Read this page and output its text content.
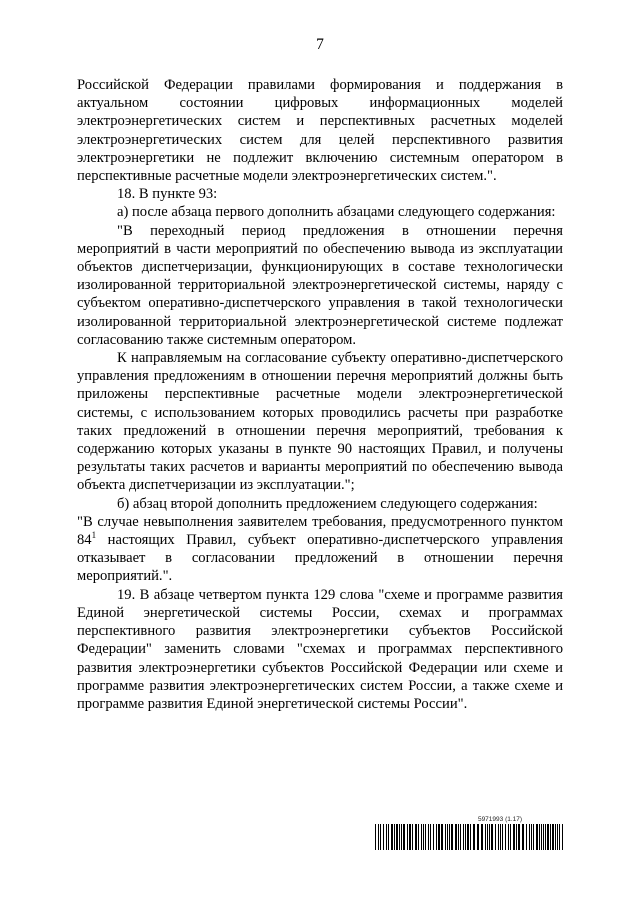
7

Российской Федерации правилами формирования и поддержания в актуальном состоянии цифровых информационных моделей электроэнергетических систем и перспективных расчетных моделей электроэнергетических систем для целей перспективного развития электроэнергетики не подлежит включению системным оператором в перспективные расчетные модели электроэнергетических систем.".

18. В пункте 93:

а) после абзаца первого дополнить абзацами следующего содержания:

"В переходный период предложения в отношении перечня мероприятий в части мероприятий по обеспечению вывода из эксплуатации объектов диспетчеризации, функционирующих в составе технологически изолированной территориальной электроэнергетической системы, наряду с субъектом оперативно-диспетчерского управления в такой технологически изолированной территориальной электроэнергетической системе подлежат согласованию также системным оператором.

К направляемым на согласование субъекту оперативно-диспетчерского управления предложениям в отношении перечня мероприятий должны быть приложены перспективные расчетные модели электроэнергетической системы, с использованием которых проводились расчеты при разработке таких предложений в отношении перечня мероприятий, требования к содержанию которых указаны в пункте 90 настоящих Правил, и получены результаты таких расчетов и варианты мероприятий по обеспечению вывода объекта диспетчеризации из эксплуатации.";

б) абзац второй дополнить предложением следующего содержания:

"В случае невыполнения заявителем требования, предусмотренного пунктом $84^1$ настоящих Правил, субъект оперативно-диспетчерского управления отказывает в согласовании предложений в отношении перечня мероприятий.".

19. В абзаце четвертом пункта 129 слова "схеме и программе развития Единой энергетической системы России, схемах и программах перспективного развития электроэнергетики субъектов Российской Федерации" заменить словами "схемах и программах перспективного развития электроэнергетики субъектов Российской Федерации или схеме и программе развития электроэнергетических систем России, а также схеме и программе развития Единой энергетической системы России".

5971993 (1.17)
